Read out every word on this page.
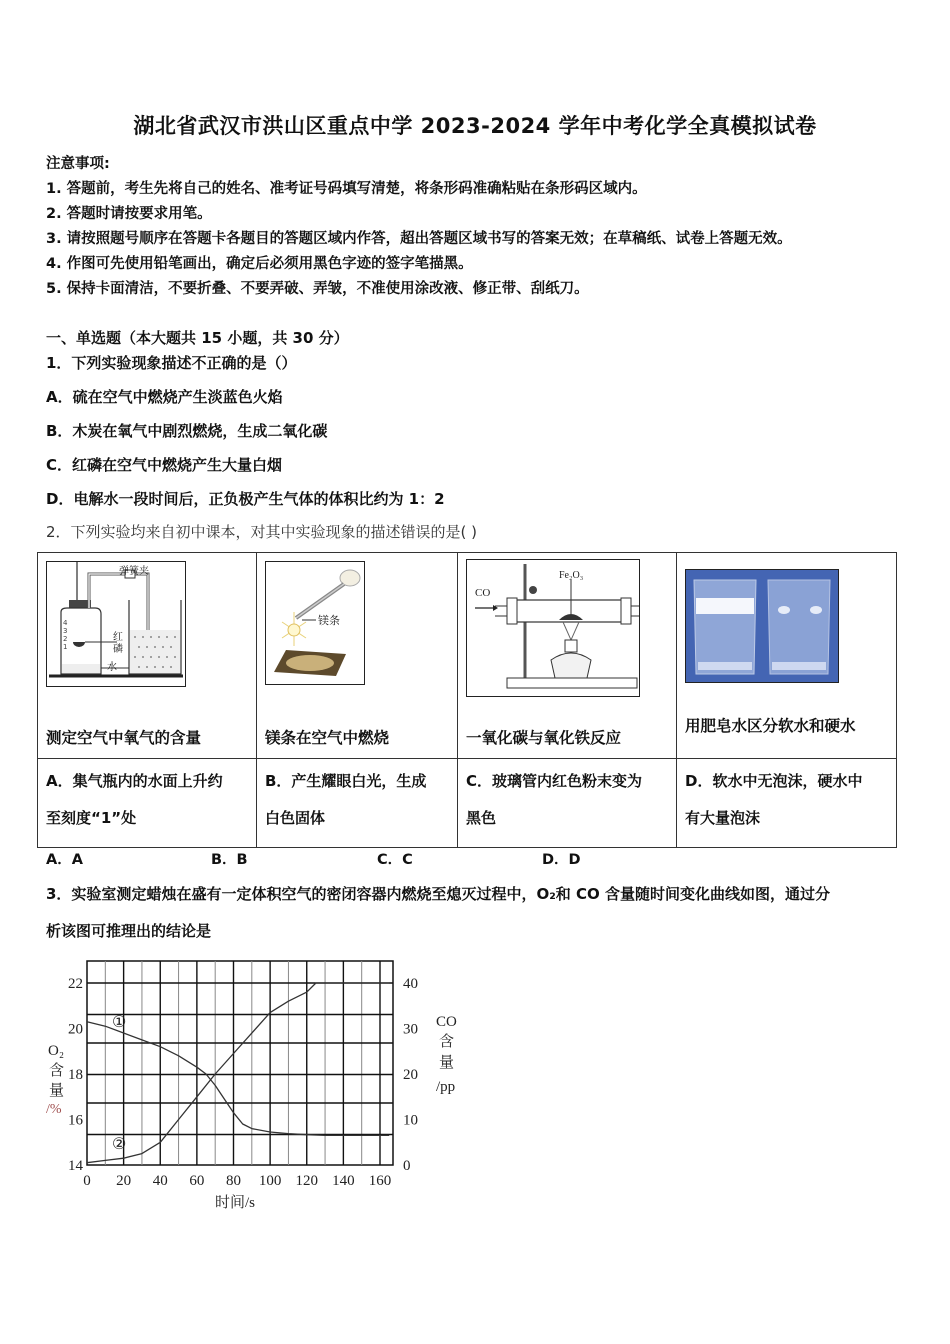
湖北省武汉市洪山区重点中学 2023-2024 学年中考化学全真模拟试卷
注意事项:
1. 答题前，考生先将自己的姓名、准考证号码填写清楚，将条形码准确粘贴在条形码区域内。
2. 答题时请按要求用笔。
3. 请按照题号顺序在答题卡各题目的答题区域内作答，超出答题区域书写的答案无效；在草稿纸、试卷上答题无效。
4. 作图可先使用铅笔画出，确定后必须用黑色字迹的签字笔描黑。
5. 保持卡面清洁，不要折叠、不要弄破、弄皱，不准使用涂改液、修正带、刮纸刀。
一、单选题（本大题共 15 小题，共 30 分）
1．下列实验现象描述不正确的是（）
A．硫在空气中燃烧产生淡蓝色火焰
B．木炭在氧气中剧烈燃烧，生成二氧化碳
C．红磷在空气中燃烧产生大量白烟
D．电解水一段时间后，正负极产生气体的体积比约为 1：2
2．下列实验均来自初中课本，对其中实验现象的描述错误的是( )
弹簧夹
红
磷
水
4
3
2
1
测定空气中氧气的含量

镁条
镁条在空气中燃烧

CO
Fe₂O₃
一氧化碳与氧化铁反应

用肥皂水区分软水和硬水

A．集气瓶内的水面上升约
至刻度“1”处

B．产生耀眼白光，生成
白色固体

C．玻璃管内红色粉末变为
黑色

D．软水中无泡沫，硬水中
有大量泡沫
A．A	B．B	C．C	D．D
3．实验室测定蜡烛在盛有一定体积空气的密闭容器内燃烧至熄灭过程中，O₂和 CO 含量随时间变化曲线如图，通过分
析该图可推理出的结论是
0 20 40 60 80 100 120 140 160
14
16
18
20
22
0
10
20
30
40
O₂
含
量
/%
CO
含
量
/pp
时间/s
①
②
